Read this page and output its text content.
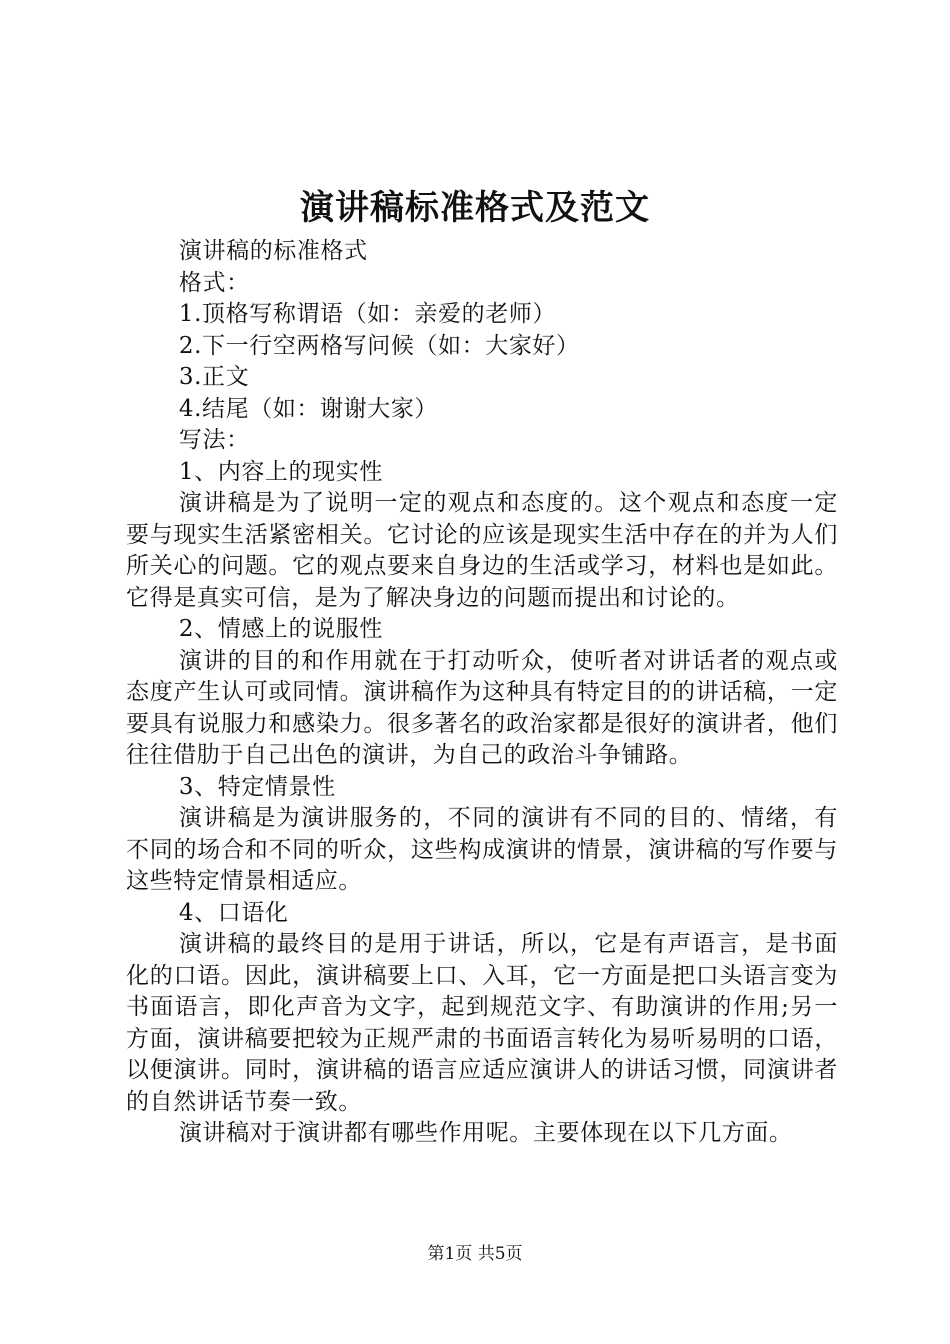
演讲稿标准格式及范文

演讲稿的标准格式

格式：

1.顶格写称谓语（如：亲爱的老师）

2.下一行空两格写问候（如：大家好）

3.正文

4.结尾（如：谢谢大家）

写法：

1、内容上的现实性

演讲稿是为了说明一定的观点和态度的。这个观点和态度一定要与现实生活紧密相关。它讨论的应该是现实生活中存在的并为人们所关心的问题。它的观点要来自身边的生活或学习，材料也是如此。它得是真实可信，是为了解决身边的问题而提出和讨论的。

2、情感上的说服性

演讲的目的和作用就在于打动听众，使听者对讲话者的观点或态度产生认可或同情。演讲稿作为这种具有特定目的的讲话稿，一定要具有说服力和感染力。很多著名的政治家都是很好的演讲者，他们往往借肋于自己出色的演讲，为自己的政治斗争铺路。

3、特定情景性

演讲稿是为演讲服务的，不同的演讲有不同的目的、情绪，有不同的场合和不同的听众，这些构成演讲的情景，演讲稿的写作要与这些特定情景相适应。

4、口语化

演讲稿的最终目的是用于讲话，所以，它是有声语言，是书面化的口语。因此，演讲稿要上口、入耳，它一方面是把口头语言变为书面语言，即化声音为文字，起到规范文字、有助演讲的作用;另一方面，演讲稿要把较为正规严肃的书面语言转化为易听易明的口语，以便演讲。同时，演讲稿的语言应适应演讲人的讲话习惯，同演讲者的自然讲话节奏一致。

演讲稿对于演讲都有哪些作用呢。主要体现在以下几方面。

第1页 共5页
